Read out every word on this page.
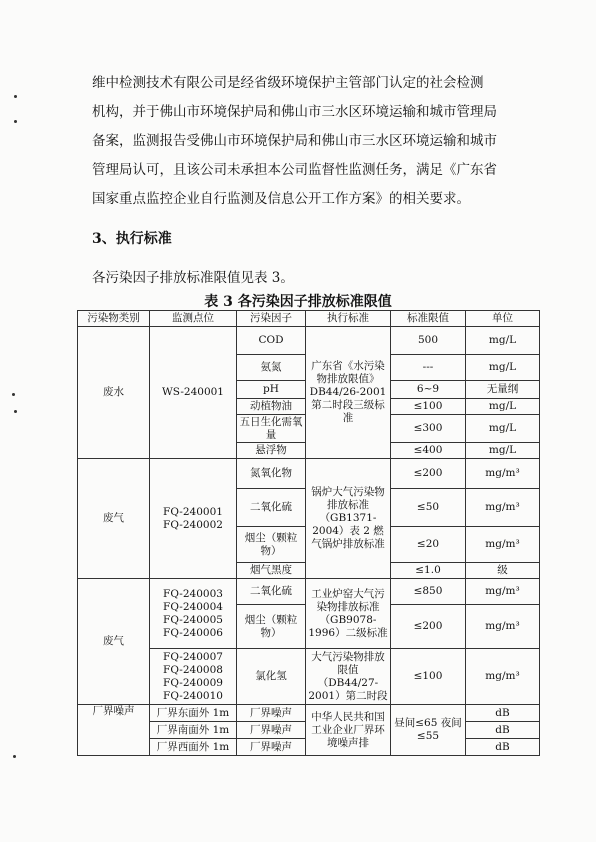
维中检测技术有限公司是经省级环境保护主管部门认定的社会检测
机构，并于佛山市环境保护局和佛山市三水区环境运输和城市管理局
备案，监测报告受佛山市环境保护局和佛山市三水区环境运输和城市
管理局认可，且该公司未承担本公司监督性监测任务，满足《广东省
国家重点监控企业自行监测及信息公开工作方案》的相关要求。
3、执行标准
各污染因子排放标准限值见表 3。
表 3 各污染因子排放标准限值
污染物类别	监测点位	污染因子	执行标准	标准限值	单位
废水	WS-240001	COD	广东省《水污染物排放限值》DB44/26-2001第二时段三级标准	500	mg/L
		氨氮		---	mg/L
		pH		6~9	无量纲
		动植物油		≤100	mg/L
		五日生化需氧量		≤300	mg/L
		悬浮物		≤400	mg/L
废气	FQ-240001 FQ-240002	氮氧化物	锅炉大气污染物排放标准（GB1371-2004）表 2 燃气锅炉排放标准	≤200	mg/m³
		二氧化硫		≤50	mg/m³
		烟尘（颗粒物）		≤20	mg/m³
		烟气黑度		≤1.0	级
废气	FQ-240003 FQ-240004 FQ-240005 FQ-240006	二氧化硫	工业炉窑大气污染物排放标准（GB9078-1996）二级标准	≤850	mg/m³
		烟尘（颗粒物）		≤200	mg/m³
	FQ-240007 FQ-240008 FQ-240009 FQ-240010	氯化氢	大气污染物排放限值（DB44/27-2001）第二时段	≤100	mg/m³
厂界噪声	厂界东面外 1m	厂界噪声	中华人民共和国工业企业厂界环境噪声排	昼间≤65 夜间≤55	dB
	厂界南面外 1m	厂界噪声			dB
	厂界西面外 1m	厂界噪声			dB
